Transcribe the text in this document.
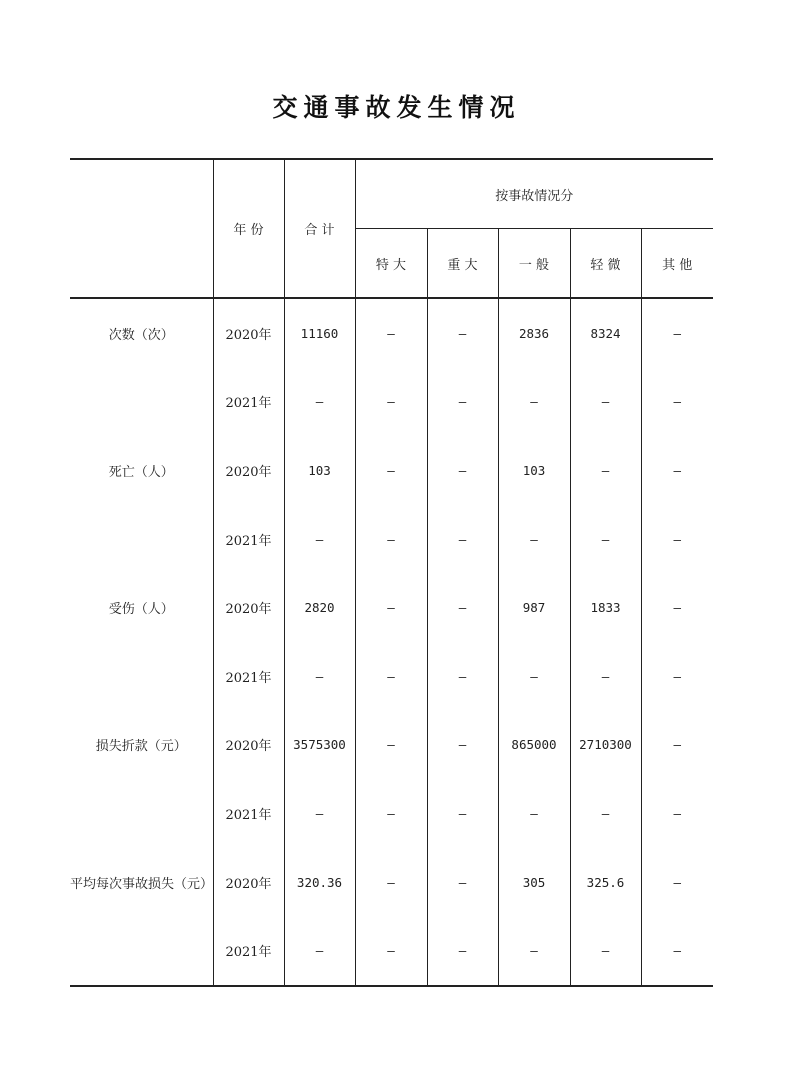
交通事故发生情况
	年 份	合 计	按事故情况分				
			特 大	重 大	一 般	轻 微	其 他
次数（次）	2020年	11160	–	–	2836	8324	–
	2021年	–	–	–	–	–	–
死亡（人）	2020年	103	–	–	103	–	–
	2021年	–	–	–	–	–	–
受伤（人）	2020年	2820	–	–	987	1833	–
	2021年	–	–	–	–	–	–
损失折款（元）	2020年	3575300	–	–	865000	2710300	–
	2021年	–	–	–	–	–	–
平均每次事故损失（元）	2020年	320.36	–	–	305	325.6	–
	2021年	–	–	–	–	–	–
